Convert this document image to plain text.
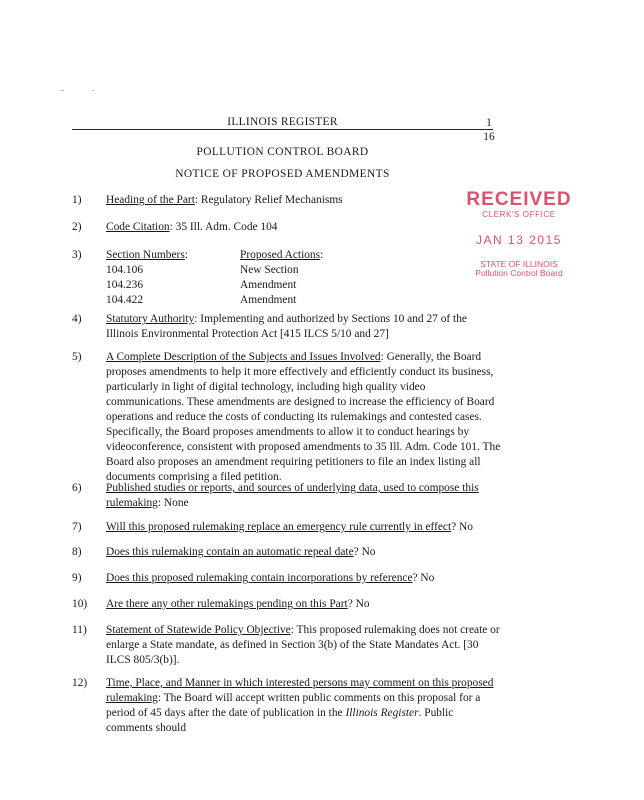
ILLINOIS REGISTER	1
16
POLLUTION CONTROL BOARD
NOTICE OF PROPOSED AMENDMENTS
RECEIVED
CLERK'S OFFICE
JAN 13 2015
STATE OF ILLINOIS
Pollution Control Board
1) Heading of the Part: Regulatory Relief Mechanisms
2) Code Citation: 35 Ill. Adm. Code 104
3) Section Numbers:
104.106
104.236
104.422
Proposed Actions:
New Section
Amendment
Amendment
4) Statutory Authority: Implementing and authorized by Sections 10 and 27 of the Illinois Environmental Protection Act [415 ILCS 5/10 and 27]
5) A Complete Description of the Subjects and Issues Involved: Generally, the Board proposes amendments to help it more effectively and efficiently conduct its business, particularly in light of digital technology, including high quality video communications. These amendments are designed to increase the efficiency of Board operations and reduce the costs of conducting its rulemakings and contested cases. Specifically, the Board proposes amendments to allow it to conduct hearings by videoconference, consistent with proposed amendments to 35 Ill. Adm. Code 101. The Board also proposes an amendment requiring petitioners to file an index listing all documents comprising a filed petition.
6) Published studies or reports, and sources of underlying data, used to compose this rulemaking: None
7) Will this proposed rulemaking replace an emergency rule currently in effect? No
8) Does this rulemaking contain an automatic repeal date? No
9) Does this proposed rulemaking contain incorporations by reference? No
10) Are there any other rulemakings pending on this Part? No
11) Statement of Statewide Policy Objective: This proposed rulemaking does not create or enlarge a State mandate, as defined in Section 3(b) of the State Mandates Act. [30 ILCS 805/3(b)].
12) Time, Place, and Manner in which interested persons may comment on this proposed rulemaking: The Board will accept written public comments on this proposal for a period of 45 days after the date of publication in the Illinois Register. Public comments should
